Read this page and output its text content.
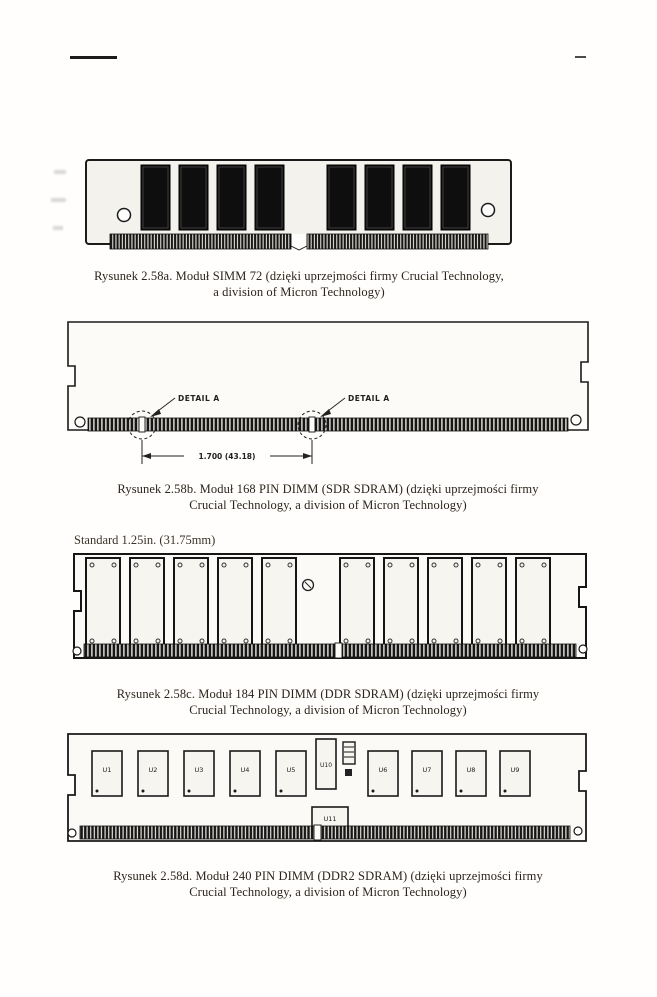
Rysunek 2.58a. Moduł SIMM 72 (dzięki uprzejmości firmy Crucial Technology,
a division of Micron Technology)
DETAIL A	DETAIL A
1.700 (43.18)
Rysunek 2.58b. Moduł 168 PIN DIMM (SDR SDRAM) (dzięki uprzejmości firmy
Crucial Technology, a division of Micron Technology)
Standard 1.25in. (31.75mm)
Rysunek 2.58c. Moduł 184 PIN DIMM (DDR SDRAM) (dzięki uprzejmości firmy
Crucial Technology, a division of Micron Technology)
U1	U2	U3	U4	U5	U6	U7	U8	U9
U10
U11
Rysunek 2.58d. Moduł 240 PIN DIMM (DDR2 SDRAM) (dzięki uprzejmości firmy
Crucial Technology, a division of Micron Technology)
